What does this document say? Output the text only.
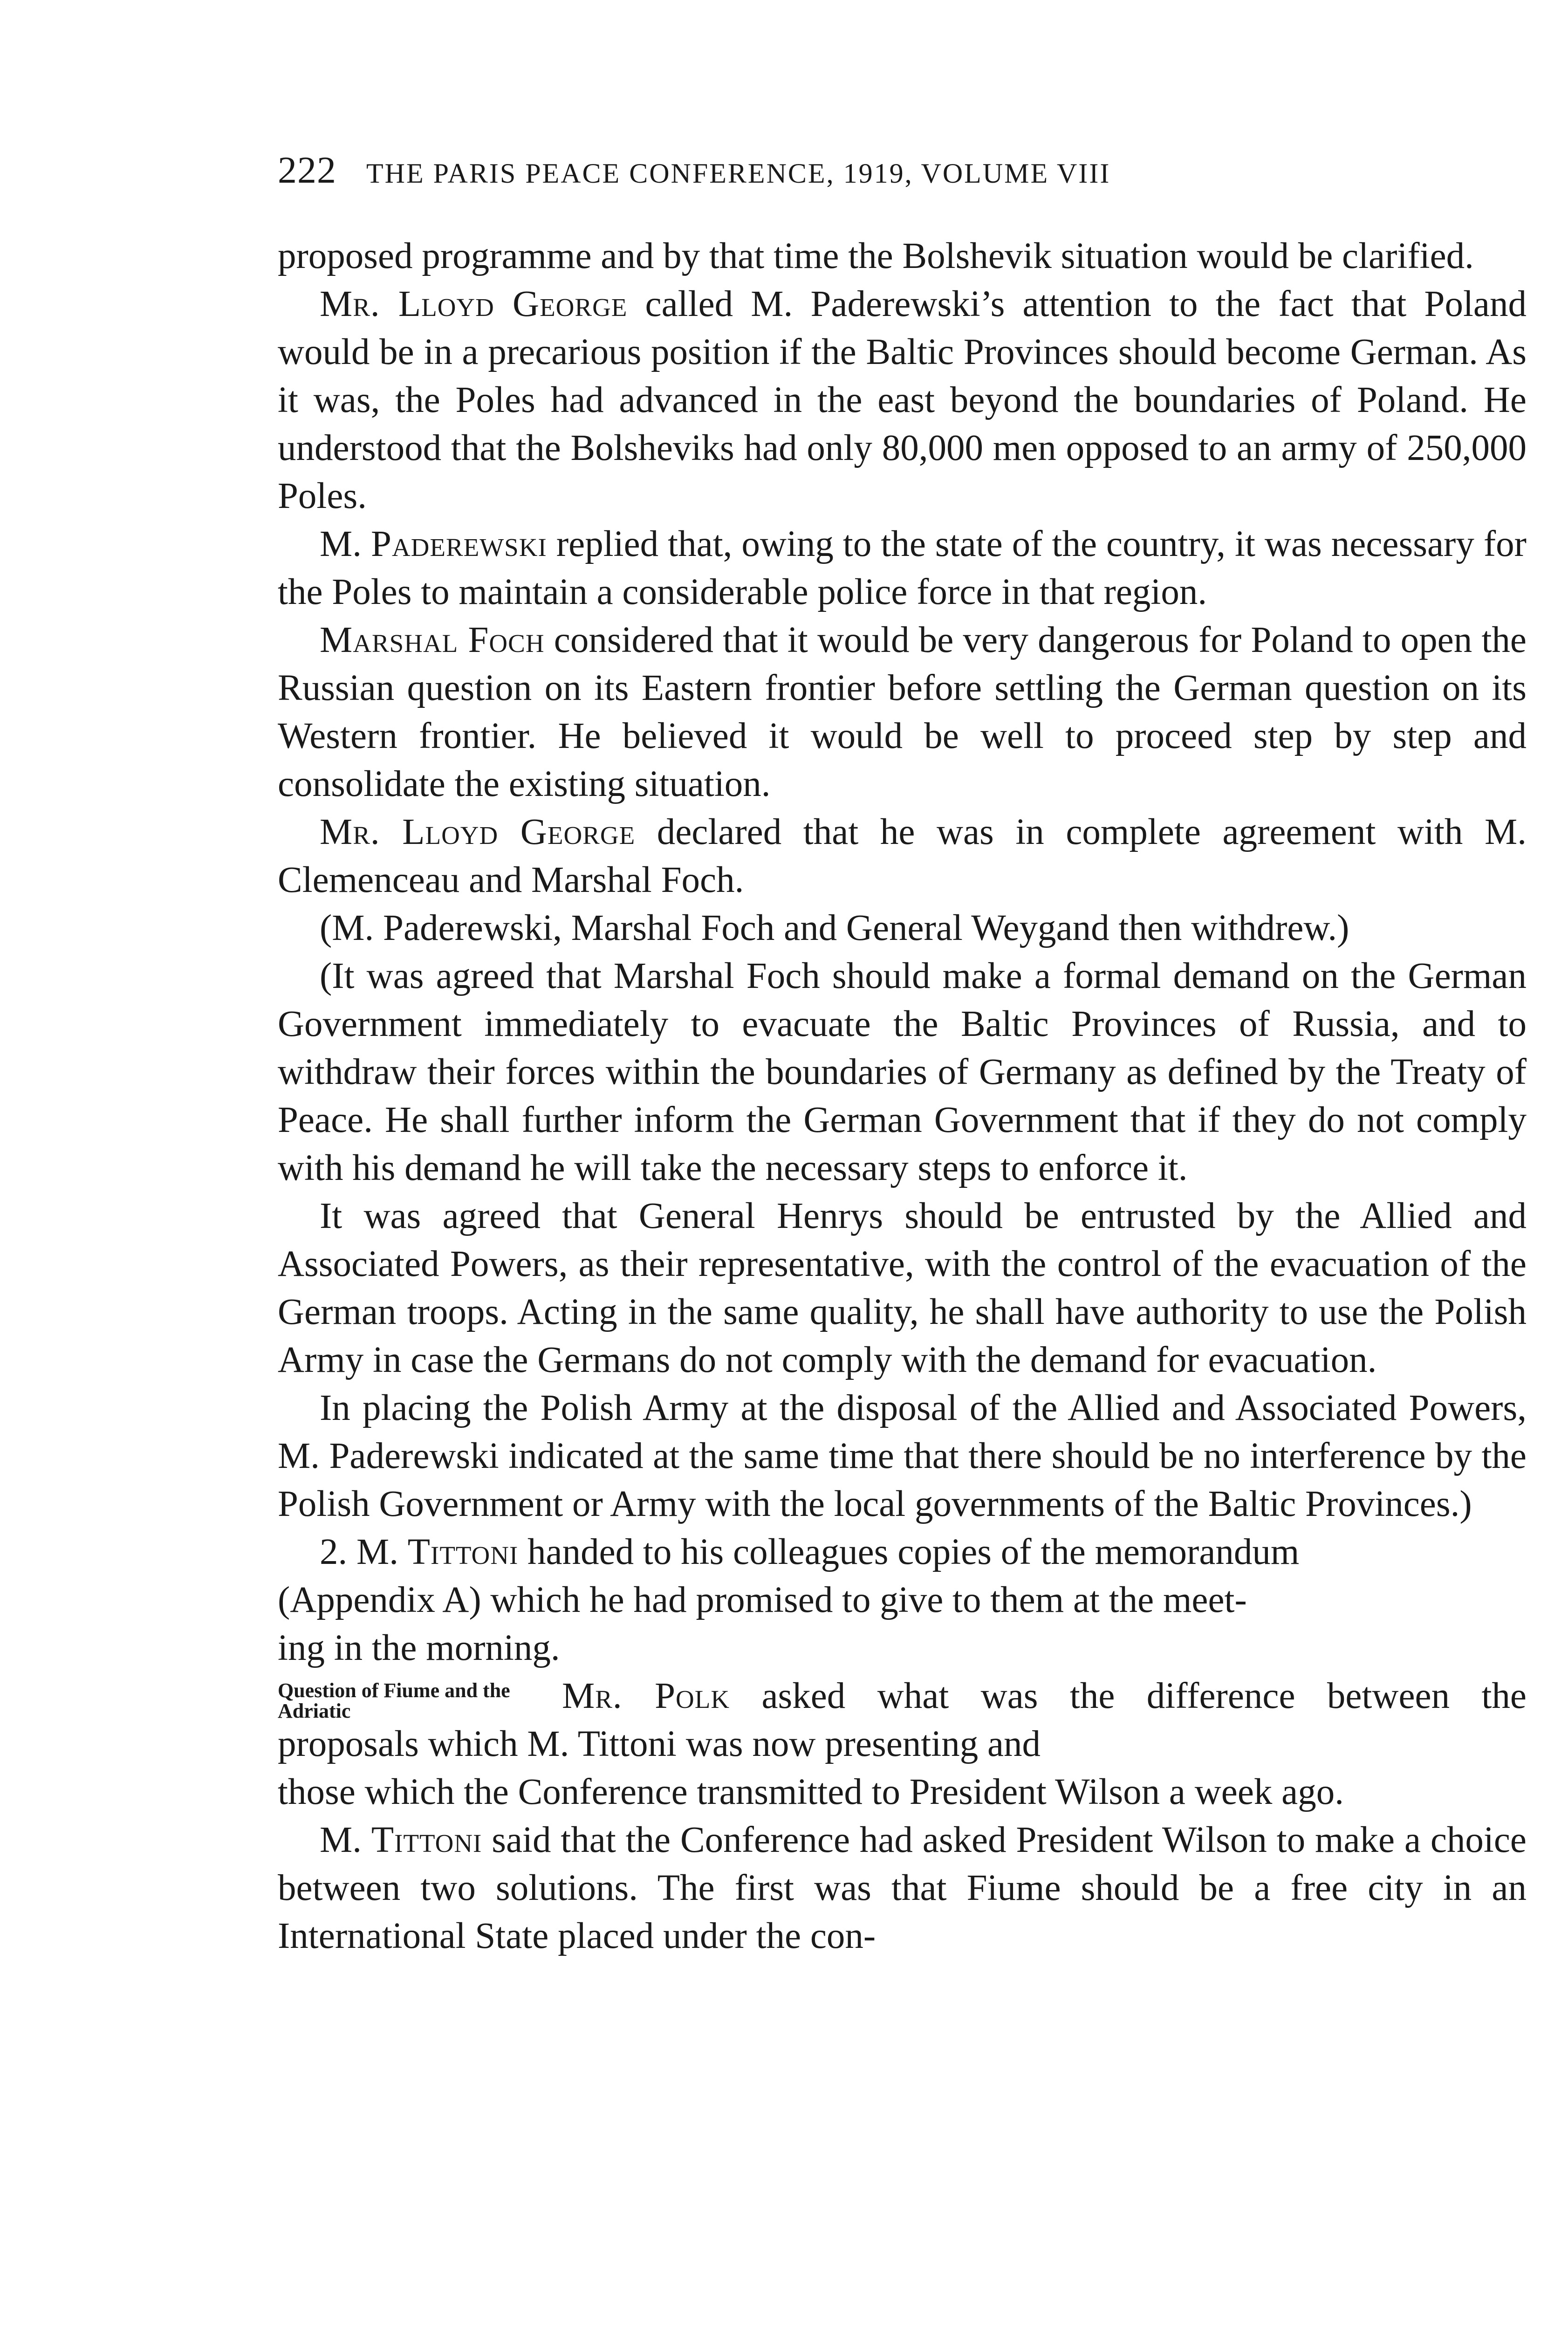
222 THE PARIS PEACE CONFERENCE, 1919, VOLUME VIII

proposed programme and by that time the Bolshevik situation would be clarified.

Mr. Lloyd George called M. Paderewski’s attention to the fact that Poland would be in a precarious position if the Baltic Provinces should become German. As it was, the Poles had advanced in the east beyond the boundaries of Poland. He understood that the Bolsheviks had only 80,000 men opposed to an army of 250,000 Poles.

M. Paderewski replied that, owing to the state of the country, it was necessary for the Poles to maintain a considerable police force in that region.

Marshal Foch considered that it would be very dangerous for Poland to open the Russian question on its Eastern frontier before settling the German question on its Western frontier. He believed it would be well to proceed step by step and consolidate the existing situation.

Mr. Lloyd George declared that he was in complete agreement with M. Clemenceau and Marshal Foch.

(M. Paderewski, Marshal Foch and General Weygand then withdrew.)

(It was agreed that Marshal Foch should make a formal demand on the German Government immediately to evacuate the Baltic Provinces of Russia, and to withdraw their forces within the boundaries of Germany as defined by the Treaty of Peace. He shall further inform the German Government that if they do not comply with his demand he will take the necessary steps to enforce it.

It was agreed that General Henrys should be entrusted by the Allied and Associated Powers, as their representative, with the control of the evacuation of the German troops. Acting in the same quality, he shall have authority to use the Polish Army in case the Germans do not comply with the demand for evacuation.

In placing the Polish Army at the disposal of the Allied and Associated Powers, M. Paderewski indicated at the same time that there should be no interference by the Polish Government or Army with the local governments of the Baltic Provinces.)

2. M. Tittoni handed to his colleagues copies of the memorandum

(Appendix A) which he had promised to give to them at the meet-

ing in the morning.

Question of Fiume and the Adriatic	Mr. Polk asked what was the difference between the

proposals which M. Tittoni was now presenting and

those which the Conference transmitted to President Wilson a week ago.

M. Tittoni said that the Conference had asked President Wilson to make a choice between two solutions. The first was that Fiume should be a free city in an International State placed under the con-
